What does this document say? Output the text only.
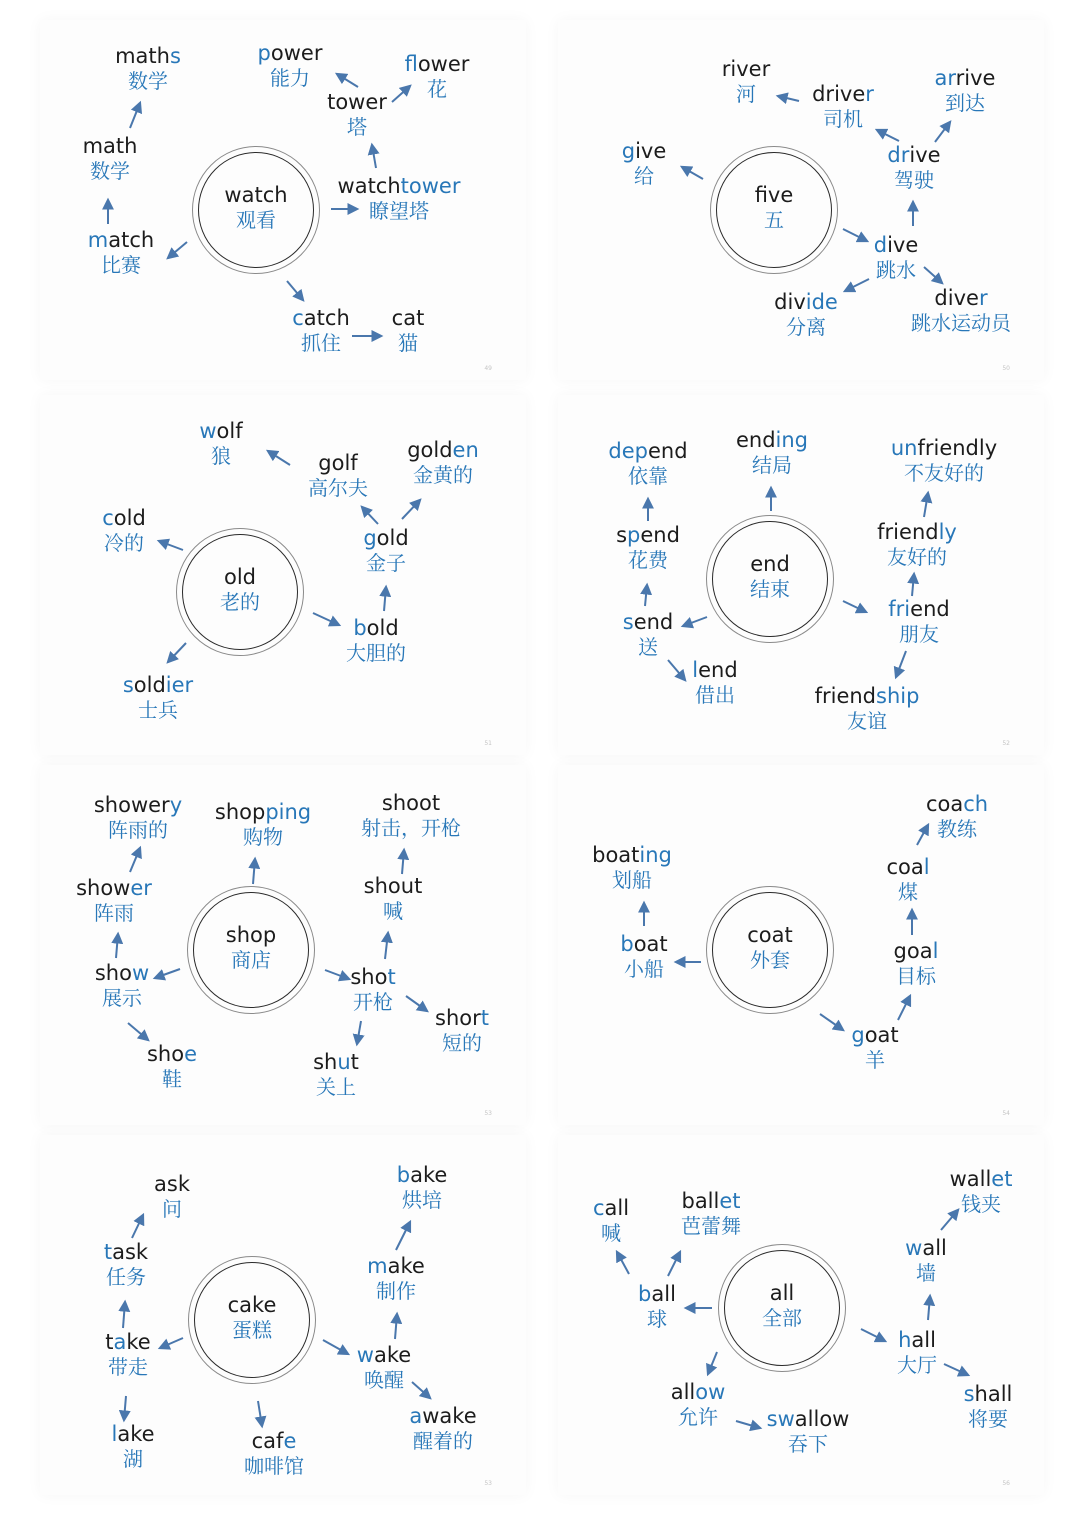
49	50
51	52
53	54
53	56
watch
观看
five
五
old
老的
end
结束
shop
商店
coat
外套
cake
蛋糕
all
全部
maths
数学
power
能力
flower
花
tower
塔
math
数学
watchtower
瞭望塔
match
比赛
catch
抓住
cat
猫
river
河	driver
司机
arrive
到达
give
给
drive
驾驶
dive
跳水
divide
分离
diver
跳水运动员
wolf
狼	golf
高尔夫
golden
金黄的
cold
冷的	gold
金子
bold
大胆的
soldier
士兵
depend
依靠
ending
结局
unfriendly
不友好的
spend
花费
friendly
友好的
send
送
friend
朋友
lend
借出	friendship
友谊
showery
阵雨的
shopping
购物
shoot
射击，开枪
shower
阵雨
shout
喊
show
展示
shot
开枪
short
短的
shoe
鞋
shut
关上
coach
教练
boating
划船
coal
煤
boat
小船
goal
目标
goat
羊
ask
问
bake
烘培
task
任务	make
制作
take
带走	wake
唤醒
lake
湖
cafe
咖啡馆
awake
醒着的
call
喊
ballet
芭蕾舞
wallet
钱夹
ball
球
wall
墙
hall
大厅
allow
允许	swallow
吞下
shall
将要
